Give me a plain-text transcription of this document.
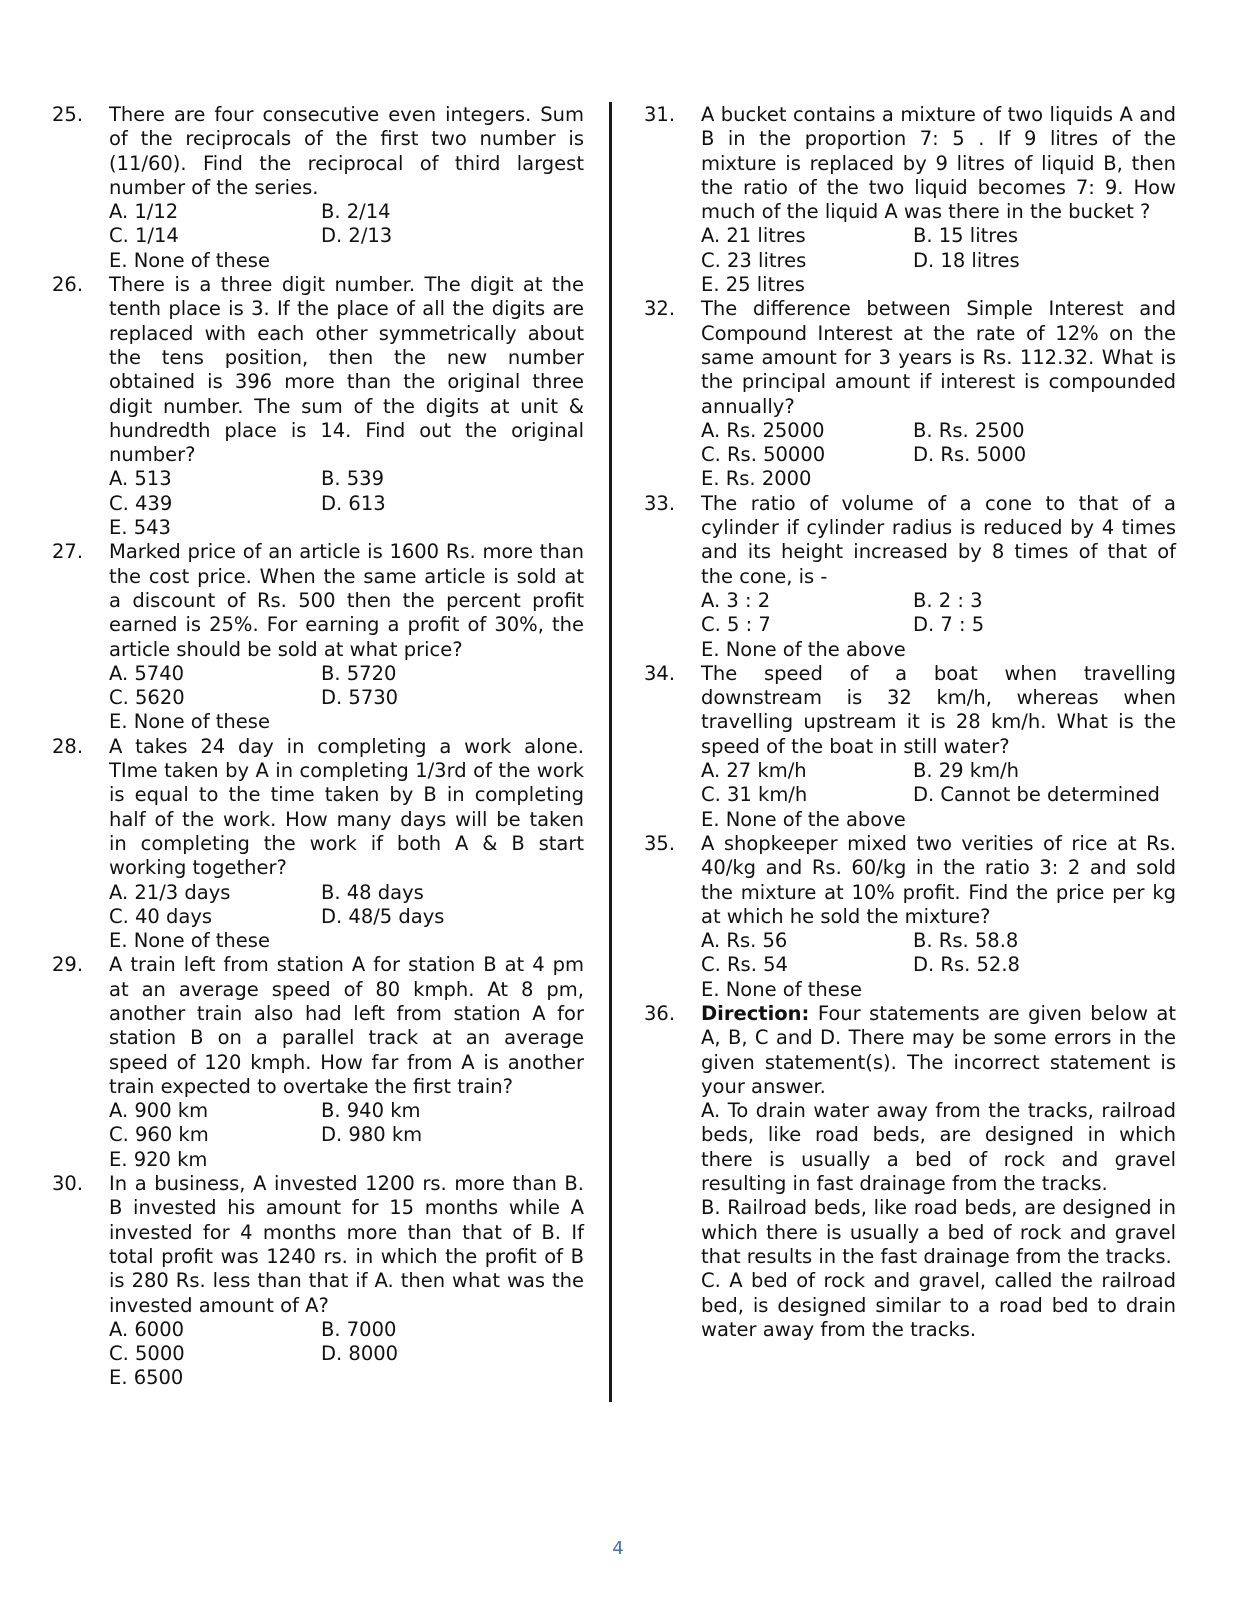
25.	There are four consecutive even integers. Sum of the reciprocals of the first two number is (11/60). Find the reciprocal of third largest number of the series.
A. 1/12	B. 2/14
C. 1/14	D. 2/13
E. None of these
26.	There is a three digit number. The digit at the tenth place is 3. If the place of all the digits are replaced with each other symmetrically about the tens position, then the new number obtained is 396 more than the original three digit number. The sum of the digits at unit & hundredth place is 14. Find out the original number?
A. 513	B. 539
C. 439	D. 613
E. 543
27.	Marked price of an article is 1600 Rs. more than the cost price. When the same article is sold at a discount of Rs. 500 then the percent profit earned is 25%. For earning a profit of 30%, the article should be sold at what price?
A. 5740	B. 5720
C. 5620	D. 5730
E. None of these
28.	A takes 24 day in completing a work alone. TIme taken by A in completing 1/3rd of the work is equal to the time taken by B in completing half of the work. How many days will be taken in completing the work if both A & B start working together?
A. 21/3 days	B. 48 days
C. 40 days	D. 48/5 days
E. None of these
29.	A train left from station A for station B at 4 pm at an average speed of 80 kmph. At 8 pm, another train also had left from station A for station B on a parallel track at an average speed of 120 kmph. How far from A is another train expected to overtake the first train?
A. 900 km	B. 940 km
C. 960 km	D. 980 km
E. 920 km
30.	In a business, A invested 1200 rs. more than B. B invested his amount for 15 months while A invested for 4 months more than that of B. If total profit was 1240 rs. in which the profit of B is 280 Rs. less than that if A. then what was the invested amount of A?
A. 6000	B. 7000
C. 5000	D. 8000
E. 6500
31.	A bucket contains a mixture of two liquids A and B in the proportion 7: 5 . If 9 litres of the mixture is replaced by 9 litres of liquid B, then the ratio of the two liquid becomes 7: 9. How much of the liquid A was there in the bucket ?
A. 21 litres	B. 15 litres
C. 23 litres	D. 18 litres
E. 25 litres
32.	The difference between Simple Interest and Compound Interest at the rate of 12% on the same amount for 3 years is Rs. 112.32. What is the principal amount if interest is compounded annually?
A. Rs. 25000	B. Rs. 2500
C. Rs. 50000	D. Rs. 5000
E. Rs. 2000
33.	The ratio of volume of a cone to that of a cylinder if cylinder radius is reduced by 4 times and its height increased by 8 times of that of the cone, is -
A. 3 : 2	B. 2 : 3
C. 5 : 7	D. 7 : 5
E. None of the above
34.	The speed of a boat when travelling downstream is 32 km/h, whereas when travelling upstream it is 28 km/h. What is the speed of the boat in still water?
A. 27 km/h	B. 29 km/h
C. 31 km/h	D. Cannot be determined
E. None of the above
35.	A shopkeeper mixed two verities of rice at Rs. 40/kg and Rs. 60/kg in the ratio 3: 2 and sold the mixture at 10% profit. Find the price per kg at which he sold the mixture?
A. Rs. 56	B. Rs. 58.8
C. Rs. 54	D. Rs. 52.8
E. None of these
36.	Direction: Four statements are given below at A, B, C and D. There may be some errors in the given statement(s). The incorrect statement is your answer.
A. To drain water away from the tracks, railroad beds, like road beds, are designed in which there is usually a bed of rock and gravel resulting in fast drainage from the tracks.
B. Railroad beds, like road beds, are designed in which there is usually a bed of rock and gravel that results in the fast drainage from the tracks.
C. A bed of rock and gravel, called the railroad bed, is designed similar to a road bed to drain water away from the tracks.
4
